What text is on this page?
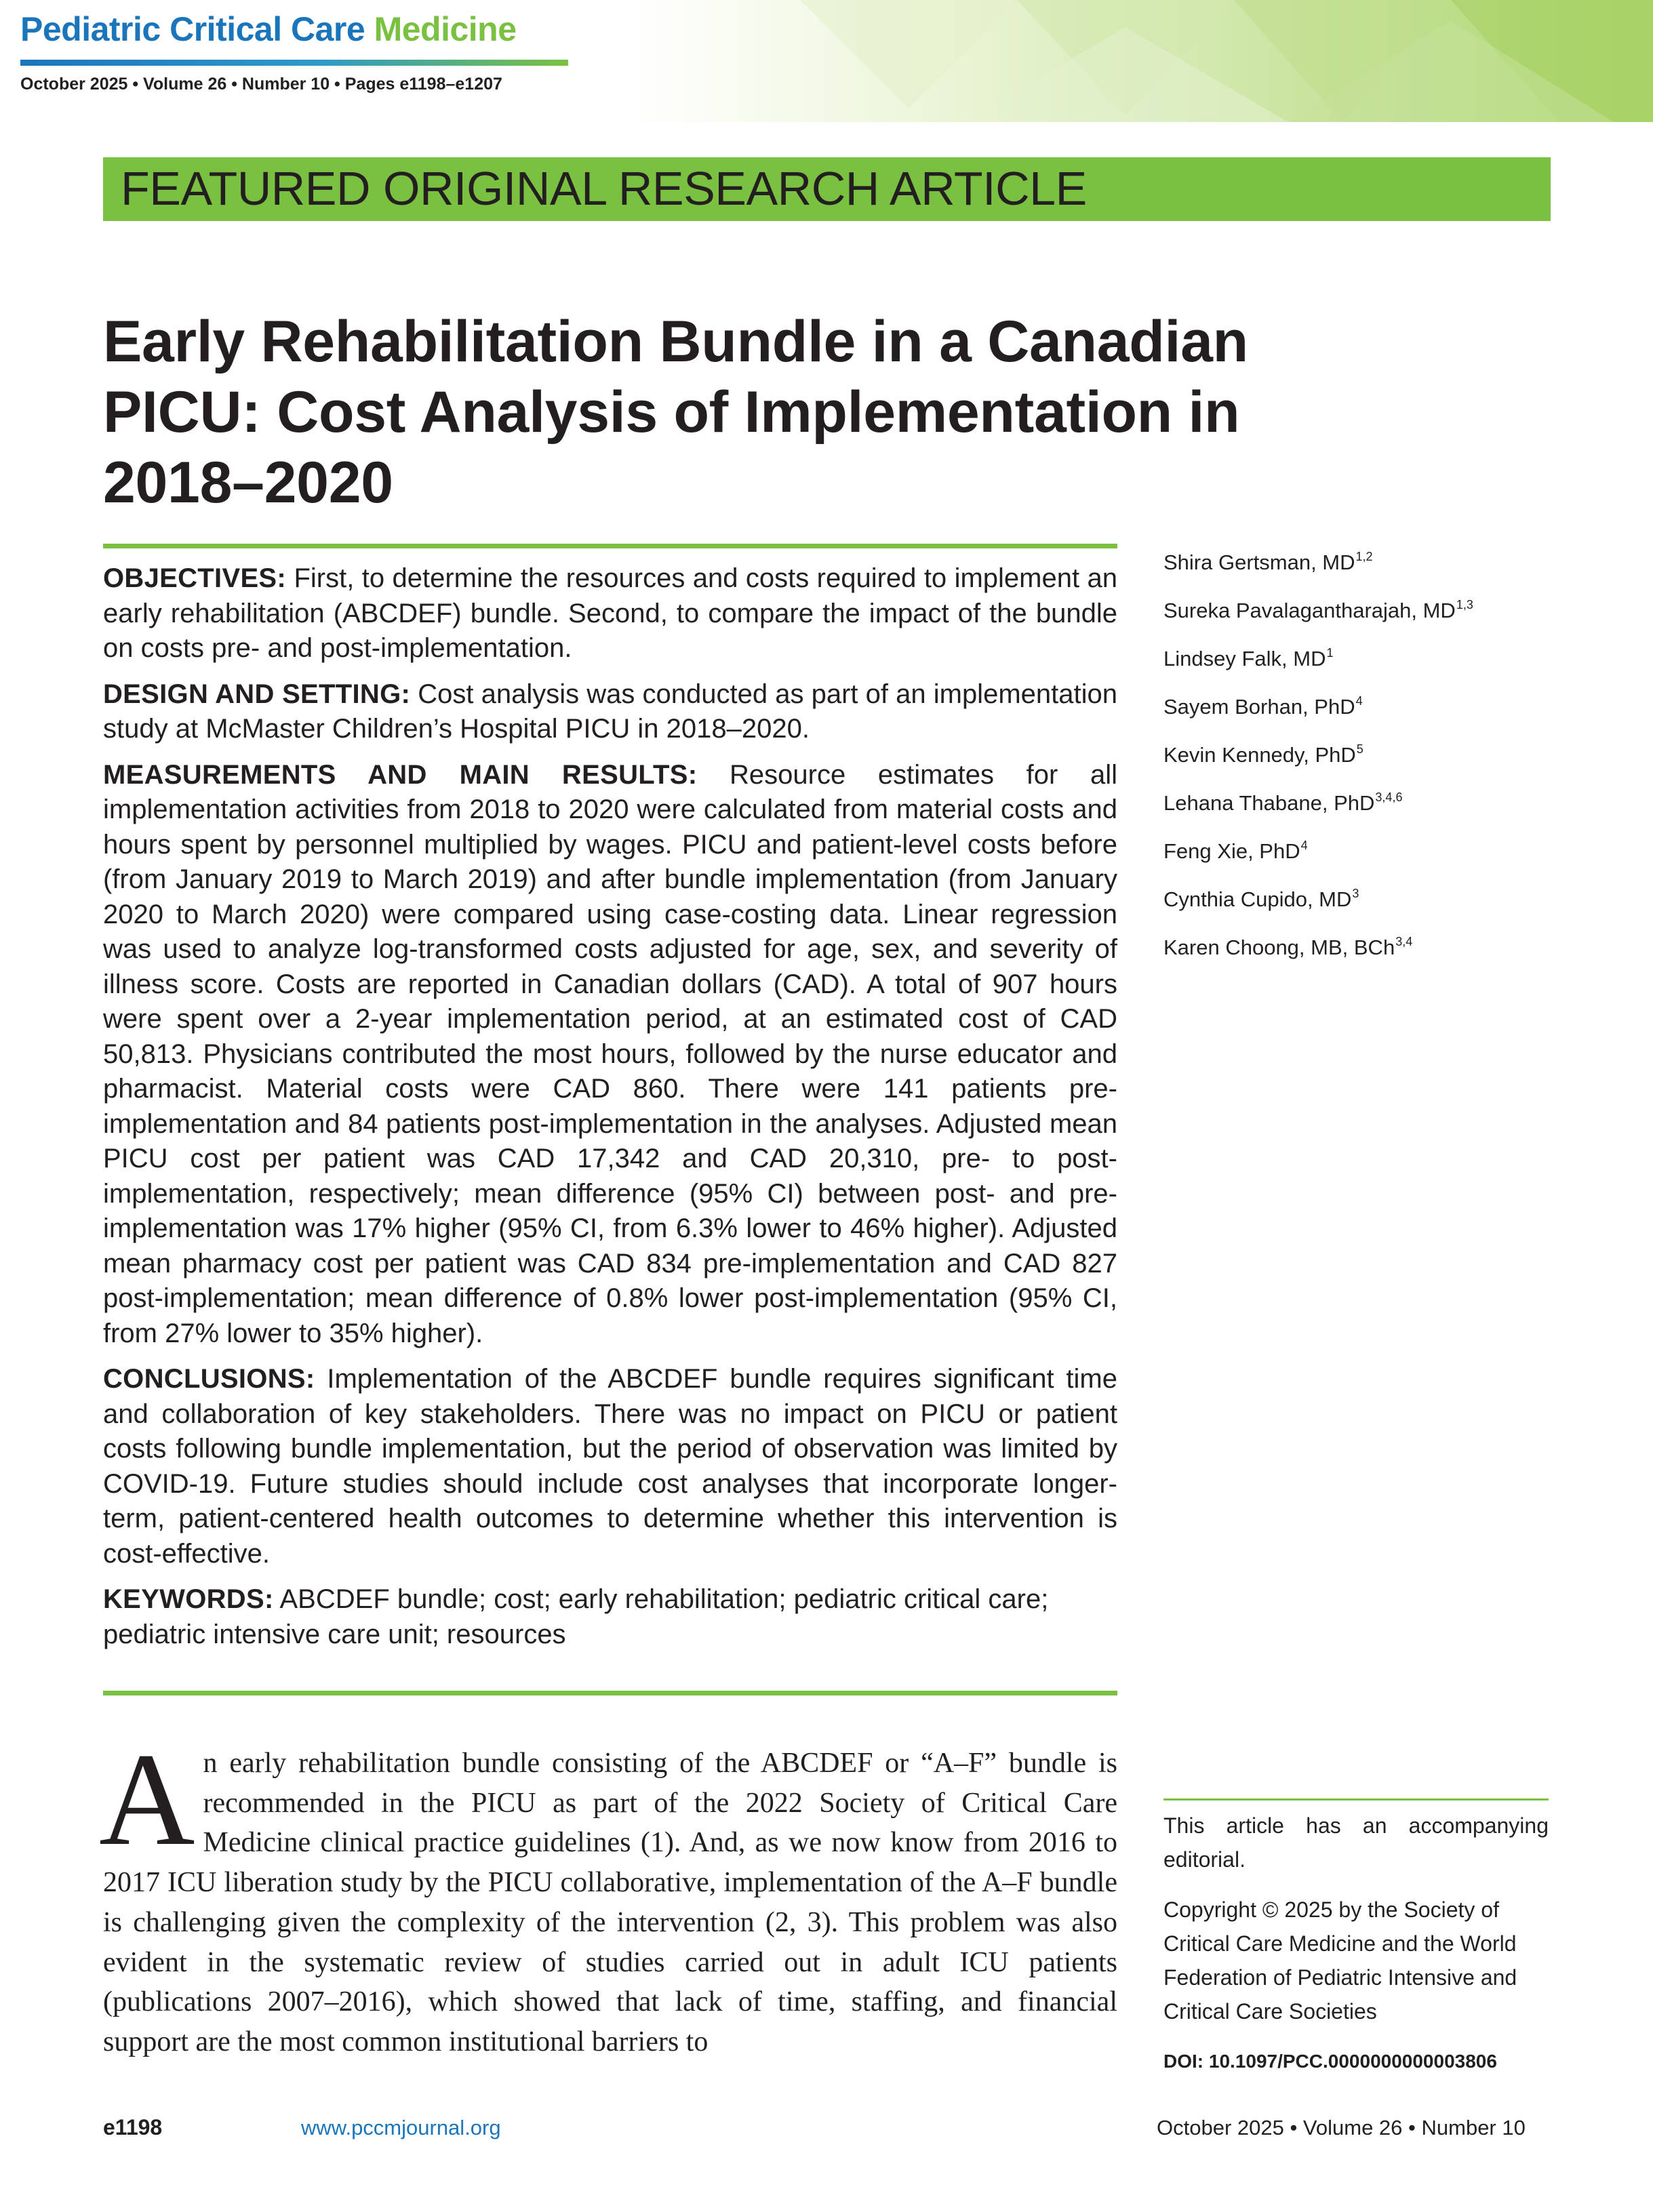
Pediatric Critical Care Medicine
October 2025 • Volume 26 • Number 10 • Pages e1198–e1207
FEATURED ORIGINAL RESEARCH ARTICLE
Early Rehabilitation Bundle in a Canadian
PICU: Cost Analysis of Implementation in
2018–2020

OBJECTIVES: First, to determine the resources and costs required to implement an early rehabilitation (ABCDEF) bundle. Second, to compare the impact of the bundle on costs pre- and post-implementation.

DESIGN AND SETTING: Cost analysis was conducted as part of an implementation study at McMaster Children’s Hospital PICU in 2018–2020.

MEASUREMENTS AND MAIN RESULTS: Resource estimates for all implementation activities from 2018 to 2020 were calculated from material costs and hours spent by personnel multiplied by wages. PICU and patient-level costs before (from January 2019 to March 2019) and after bundle implementation (from January 2020 to March 2020) were compared using case-costing data. Linear regression was used to analyze log-transformed costs adjusted for age, sex, and severity of illness score. Costs are reported in Canadian dollars (CAD). A total of 907 hours were spent over a 2-year implementation period, at an estimated cost of CAD 50,813. Physicians contributed the most hours, followed by the nurse educator and pharmacist. Material costs were CAD 860. There were 141 patients pre-implementation and 84 patients post-implementation in the analyses. Adjusted mean PICU cost per patient was CAD 17,342 and CAD 20,310, pre- to post-implementation, respectively; mean difference (95% CI) between post- and pre-implementation was 17% higher (95% CI, from 6.3% lower to 46% higher). Adjusted mean pharmacy cost per patient was CAD 834 pre-implementation and CAD 827 post-implementation; mean difference of 0.8% lower post-implementation (95% CI, from 27% lower to 35% higher).

CONCLUSIONS: Implementation of the ABCDEF bundle requires significant time and collaboration of key stakeholders. There was no impact on PICU or patient costs following bundle implementation, but the period of observation was limited by COVID-19. Future studies should include cost analyses that incorporate longer-term, patient-centered health outcomes to determine whether this intervention is cost-effective.

KEYWORDS: ABCDEF bundle; cost; early rehabilitation; pediatric critical care; pediatric intensive care unit; resources

Shira Gertsman, MD$^{1,2}$
Sureka Pavalagantharajah, MD$^{1,3}$
Lindsey Falk, $MD^1$
Sayem Borhan, PhD$^4$
Kevin Kennedy, PhD$^5$
Lehana Thabane, PhD$^{3,4,6}$
Feng Xie, PhD$^4$
Cynthia Cupido, $MD^3$
Karen Choong, MB, BCh$^{3,4}$

An early rehabilitation bundle consisting of the ABCDEF or “A–F” bundle is recommended in the PICU as part of the 2022 Society of Critical Care Medicine clinical practice guidelines (1). And, as we now know from 2016 to 2017 ICU liberation study by the PICU collaborative, implementation of the A–F bundle is challenging given the complexity of the intervention (2, 3). This problem was also evident in the systematic review of studies carried out in adult ICU patients (publications 2007–2016), which showed that lack of time, staffing, and financial support are the most common institutional barriers to

This article has an accompanying editorial.

Copyright © 2025 by the Society of Critical Care Medicine and the World Federation of Pediatric Intensive and Critical Care Societies

DOI: 10.1097/PCC.0000000000003806
e1198	www.pccmjournal.org	October 2025 • Volume 26 • Number 10
